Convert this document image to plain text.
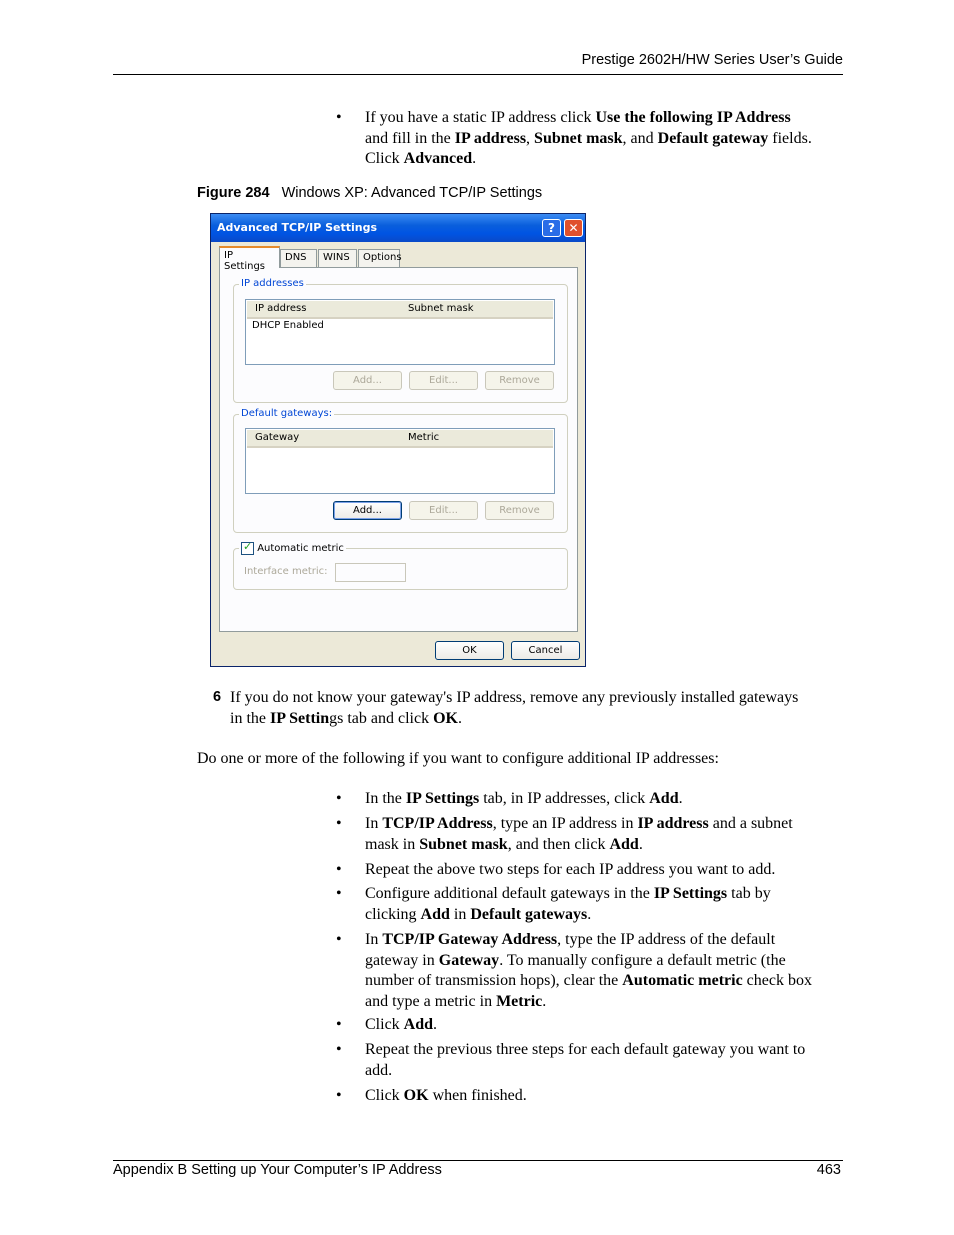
Prestige 2602H/HW Series User’s Guide
• If you have a static IP address click Use the following IP Address
and fill in the IP address, Subnet mask, and Default gateway fields.
Click Advanced.
Figure 284 Windows XP: Advanced TCP/IP Settings
Advanced TCP/IP Settings	?	✕
IP Settings
DNS	WINS	Options
IP addresses
IP address	Subnet mask
DHCP Enabled
Add...	Edit...	Remove
Default gateways:
Gateway	Metric
Add...	Edit...	Remove
✓ Automatic metric
Interface metric:
OK	Cancel
6 If you do not know your gateway's IP address, remove any previously installed gateways
in the IP Settings tab and click OK.
Do one or more of the following if you want to configure additional IP addresses:
• In the IP Settings tab, in IP addresses, click Add.
• In TCP/IP Address, type an IP address in IP address and a subnet
mask in Subnet mask, and then click Add.
• Repeat the above two steps for each IP address you want to add.
• Configure additional default gateways in the IP Settings tab by
clicking Add in Default gateways.
• In TCP/IP Gateway Address, type the IP address of the default
gateway in Gateway. To manually configure a default metric (the
number of transmission hops), clear the Automatic metric check box
and type a metric in Metric.
• Click Add.
• Repeat the previous three steps for each default gateway you want to
add.
• Click OK when finished.
Appendix B Setting up Your Computer’s IP Address	463
